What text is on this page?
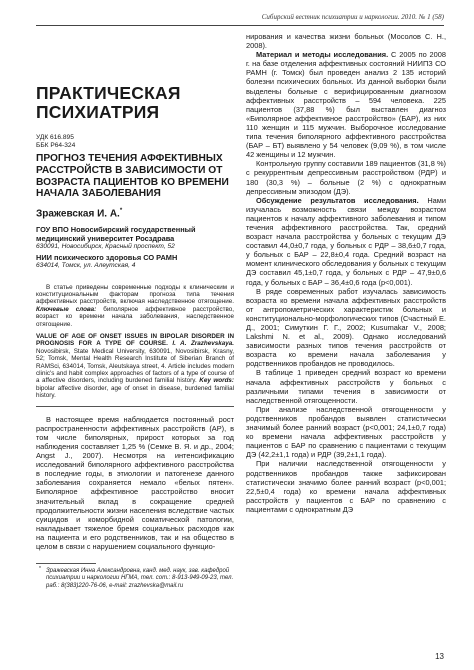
Сибирский вестник психиатрии и наркологии. 2010. № 1 (58)
ПРАКТИЧЕСКАЯ
ПСИХИАТРИЯ
УДК 616.895
ББК Р64-324
ПРОГНОЗ ТЕЧЕНИЯ АФФЕКТИВНЫХ РАССТРОЙСТВ В ЗАВИСИМОСТИ ОТ ВОЗРАСТА ПАЦИЕНТОВ КО ВРЕМЕНИ НАЧАЛА ЗАБОЛЕВАНИЯ
Зражевская И. А.*
ГОУ ВПО Новосибирский государственный медицинский университет Росздрава
630091, Новосибирск, Красный проспект, 52
НИИ психического здоровья СО РАМН
634014, Томск, ул. Алеутская, 4
В статье приведены современные подходы к клиническим и конституциональным факторам прогноза типа течения аффективных расстройств, включая наследственное отягощение. Ключевые слова: биполярное аффективное расстройство, возраст ко времени начала заболевания, наследственное отягощение.
VALUE OF AGE OF ONSET ISSUES IN BIPOLAR DISORDER IN PROGNOSIS FOR A TYPE OF COURSE. I. A. Zrazhevskaya. Novosibirsk, State Medical University, 630091, Novosibirsk, Krasny, 52; Tomsk, Mental Health Research Institute of Siberian Branch of RAMSci, 634014, Tomsk, Aleutskaya street, 4. Article includes modern clinic's and habit complex approaches of factors of a type of course of a affective disorders, including burdened familial history. Key words: bipolar affective disorder, age of onset in disease, burdened familial history.

В настоящее время наблюдается постоянный рост распространенности аффективных расстройств (АР), в том числе биполярных, прирост которых за год наблюдения составляет 1,25 % (Семке В. Я. и др., 2004; Angst J., 2007). Несмотря на интенсификацию исследований биполярного аффективного расстройства в последние годы, в этиологии и патогенезе данного заболевания сохраняется немало «белых пятен». Биполярное аффективное расстройство вносит значительный вклад в сокращение средней продолжительности жизни населения вследствие частых суицидов и коморбидной соматической патологии, накладывает тяжелое бремя социальных расходов как на пациента и его родственников, так и на общество в целом в связи с нарушением социального функцио-

* Зражевская Инна Александровна, канд. мед. наук, зав. кафедрой психиатрии и наркологии НГМА, тел. сот.: 8-913-949-09-23, тел. раб.: 8(383)220-76-06, e-mail: zrazhevska@mail.ru

нирования и качества жизни больных (Мосолов С. Н., 2008).

Материал и методы исследования. С 2005 по 2008 г. на базе отделения аффективных состояний НИИПЗ СО РАМН (г. Томск) был проведен анализ 2 135 историй болезни психических больных. Из данной выборки были выделены больные с верифицированным диагнозом аффективных расстройств – 594 человека. 225 пациентов (37,88 %) был выставлен диагноз «Биполярное аффективное расстройство» (БАР), из них 110 женщин и 115 мужчин. Выборочное исследование типа течения биполярного аффективного расстройства (БАР – БТ) выявлено у 54 человек (9,09 %), в том числе 42 женщины и 12 мужчин.

Контрольную группу составили 189 пациентов (31,8 %) с рекуррентным депрессивным расстройством (РДР) и 180 (30,3 %) – больные (2 %) с однократным депрессивным эпизодом (ДЭ).

Обсуждение результатов исследования. Нами изучалась возможность связи между возрастом пациентов к началу аффективного заболевания и типом течения аффективного расстройства. Так, средний возраст начала расстройства у больных с текущим ДЭ составил 44,0±0,7 года, у больных с РДР – 38,6±0,7 года, у больных с БАР – 22,8±0,4 года. Средний возраст на момент клинического обследования у больных с текущим ДЭ составил 45,1±0,7 года, у больных с РДР – 47,9±0,6 года, у больных с БАР – 36,4±0,6 года (p<0,001).

В ряде современных работ изучалась зависимость возраста ко времени начала аффективных расстройств от антропометрических характеристик больных и конституционально-морфологических типов (Счастный Е. Д., 2001; Симуткин Г. Г., 2002; Kusumakar V., 2008; Lakshmi N. et al., 2009). Однако исследований зависимости разных типов течения расстройств от возраста ко времени начала заболевания у родственников пробандов не проводилось.

В таблице 1 приведен средний возраст ко времени начала аффективных расстройств у больных с различными типами течения в зависимости от наследственной отягощенности.

При анализе наследственной отягощенности у родственников пробандов выявлен статистически значимый более ранний возраст (p<0,001; 24,1±0,7 года) ко времени начала аффективных расстройств у пациентов с БАР по сравнению с пациентами с текущим ДЭ (42,2±1,1 года) и РДР (39,2±1,1 года).

При наличии наследственной отягощенности у родственников пробандов также зафиксирован статистически значимо более ранний возраст (p<0,001; 22,5±0,4 года) ко времени начала аффективных расстройств у пациентов с БАР по сравнению с пациентами с однократным ДЭ

13
